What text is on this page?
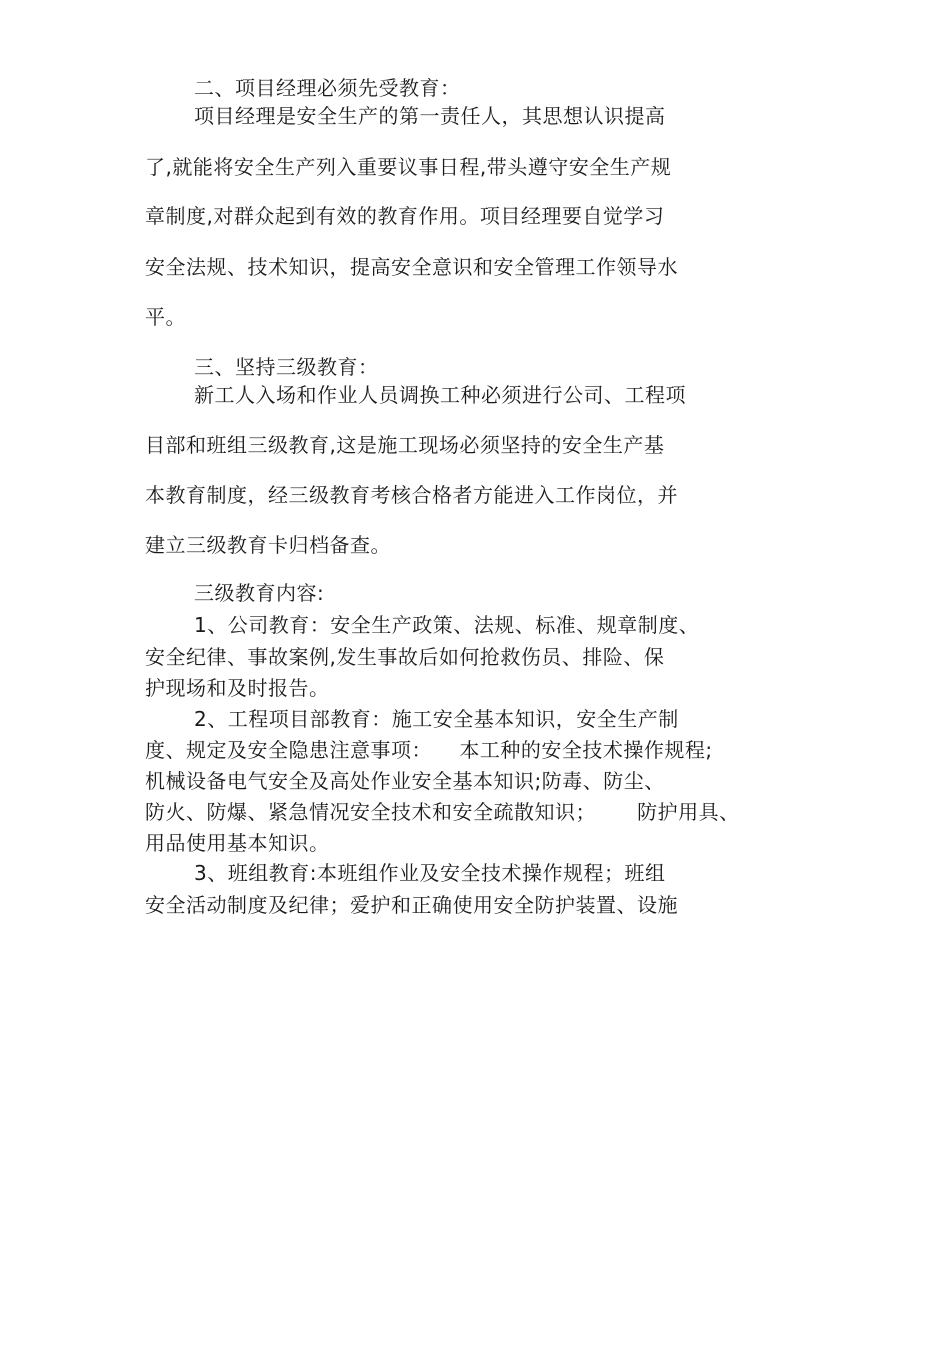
二、项目经理必须先受教育：
项目经理是安全生产的第一责任人，其思想认识提高
了,就能将安全生产列入重要议事日程,带头遵守安全生产规
章制度,对群众起到有效的教育作用。项目经理要自觉学习
安全法规、技术知识，提高安全意识和安全管理工作领导水
平。
三、坚持三级教育：
新工人入场和作业人员调换工种必须进行公司、工程项
目部和班组三级教育,这是施工现场必须坚持的安全生产基
本教育制度，经三级教育考核合格者方能进入工作岗位，并
建立三级教育卡归档备查。
三级教育内容:
1、公司教育：安全生产政策、法规、标准、规章制度、
安全纪律、事故案例,发生事故后如何抢救伤员、排险、保
护现场和及时报告。
2、工程项目部教育：施工安全基本知识，安全生产制
度、规定及安全隐患注意事项：    本工种的安全技术操作规程;
机械设备电气安全及高处作业安全基本知识;防毒、防尘、
防火、防爆、紧急情况安全技术和安全疏散知识；      防护用具、
用品使用基本知识。
3、班组教育:本班组作业及安全技术操作规程；班组
安全活动制度及纪律；爱护和正确使用安全防护装置、设施
